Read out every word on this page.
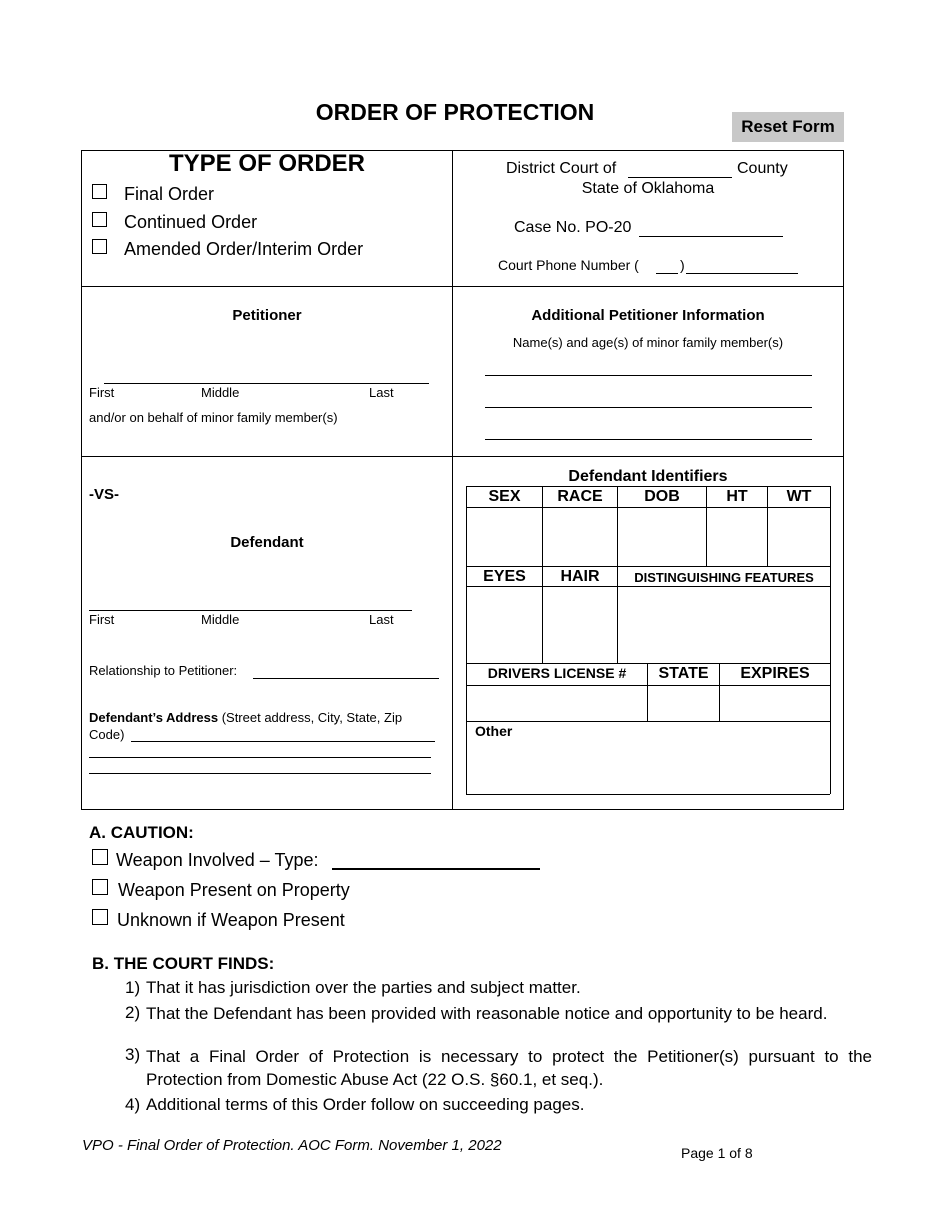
ORDER OF PROTECTION
Reset Form
TYPE OF ORDER
Final Order
Continued Order
Amended Order/Interim Order
District Court of	County
State of Oklahoma
Case No. PO-20
Court Phone Number (	)
Petitioner
First	Middle	Last
and/or on behalf of minor family member(s)
Additional Petitioner Information
Name(s) and age(s) of minor family member(s)
-VS-
Defendant
First	Middle	Last
Relationship to Petitioner:
Defendant’s Address (Street address, City, State, Zip
Code)
Defendant Identifiers
SEX	RACE	DOB	HT	WT
EYES	HAIR	DISTINGUISHING FEATURES
DRIVERS LICENSE #	STATE	EXPIRES
Other
A. CAUTION:
Weapon Involved – Type:
Weapon Present on Property
Unknown if Weapon Present
B. THE COURT FINDS:
1) That it has jurisdiction over the parties and subject matter.
2) That the Defendant has been provided with reasonable notice and opportunity to be heard.
3) That a Final Order of Protection is necessary to protect the Petitioner(s) pursuant to the Protection from Domestic Abuse Act (22 O.S. §60.1, et seq.).
4) Additional terms of this Order follow on succeeding pages.
VPO - Final Order of Protection. AOC Form. November 1, 2022	Page 1 of 8
